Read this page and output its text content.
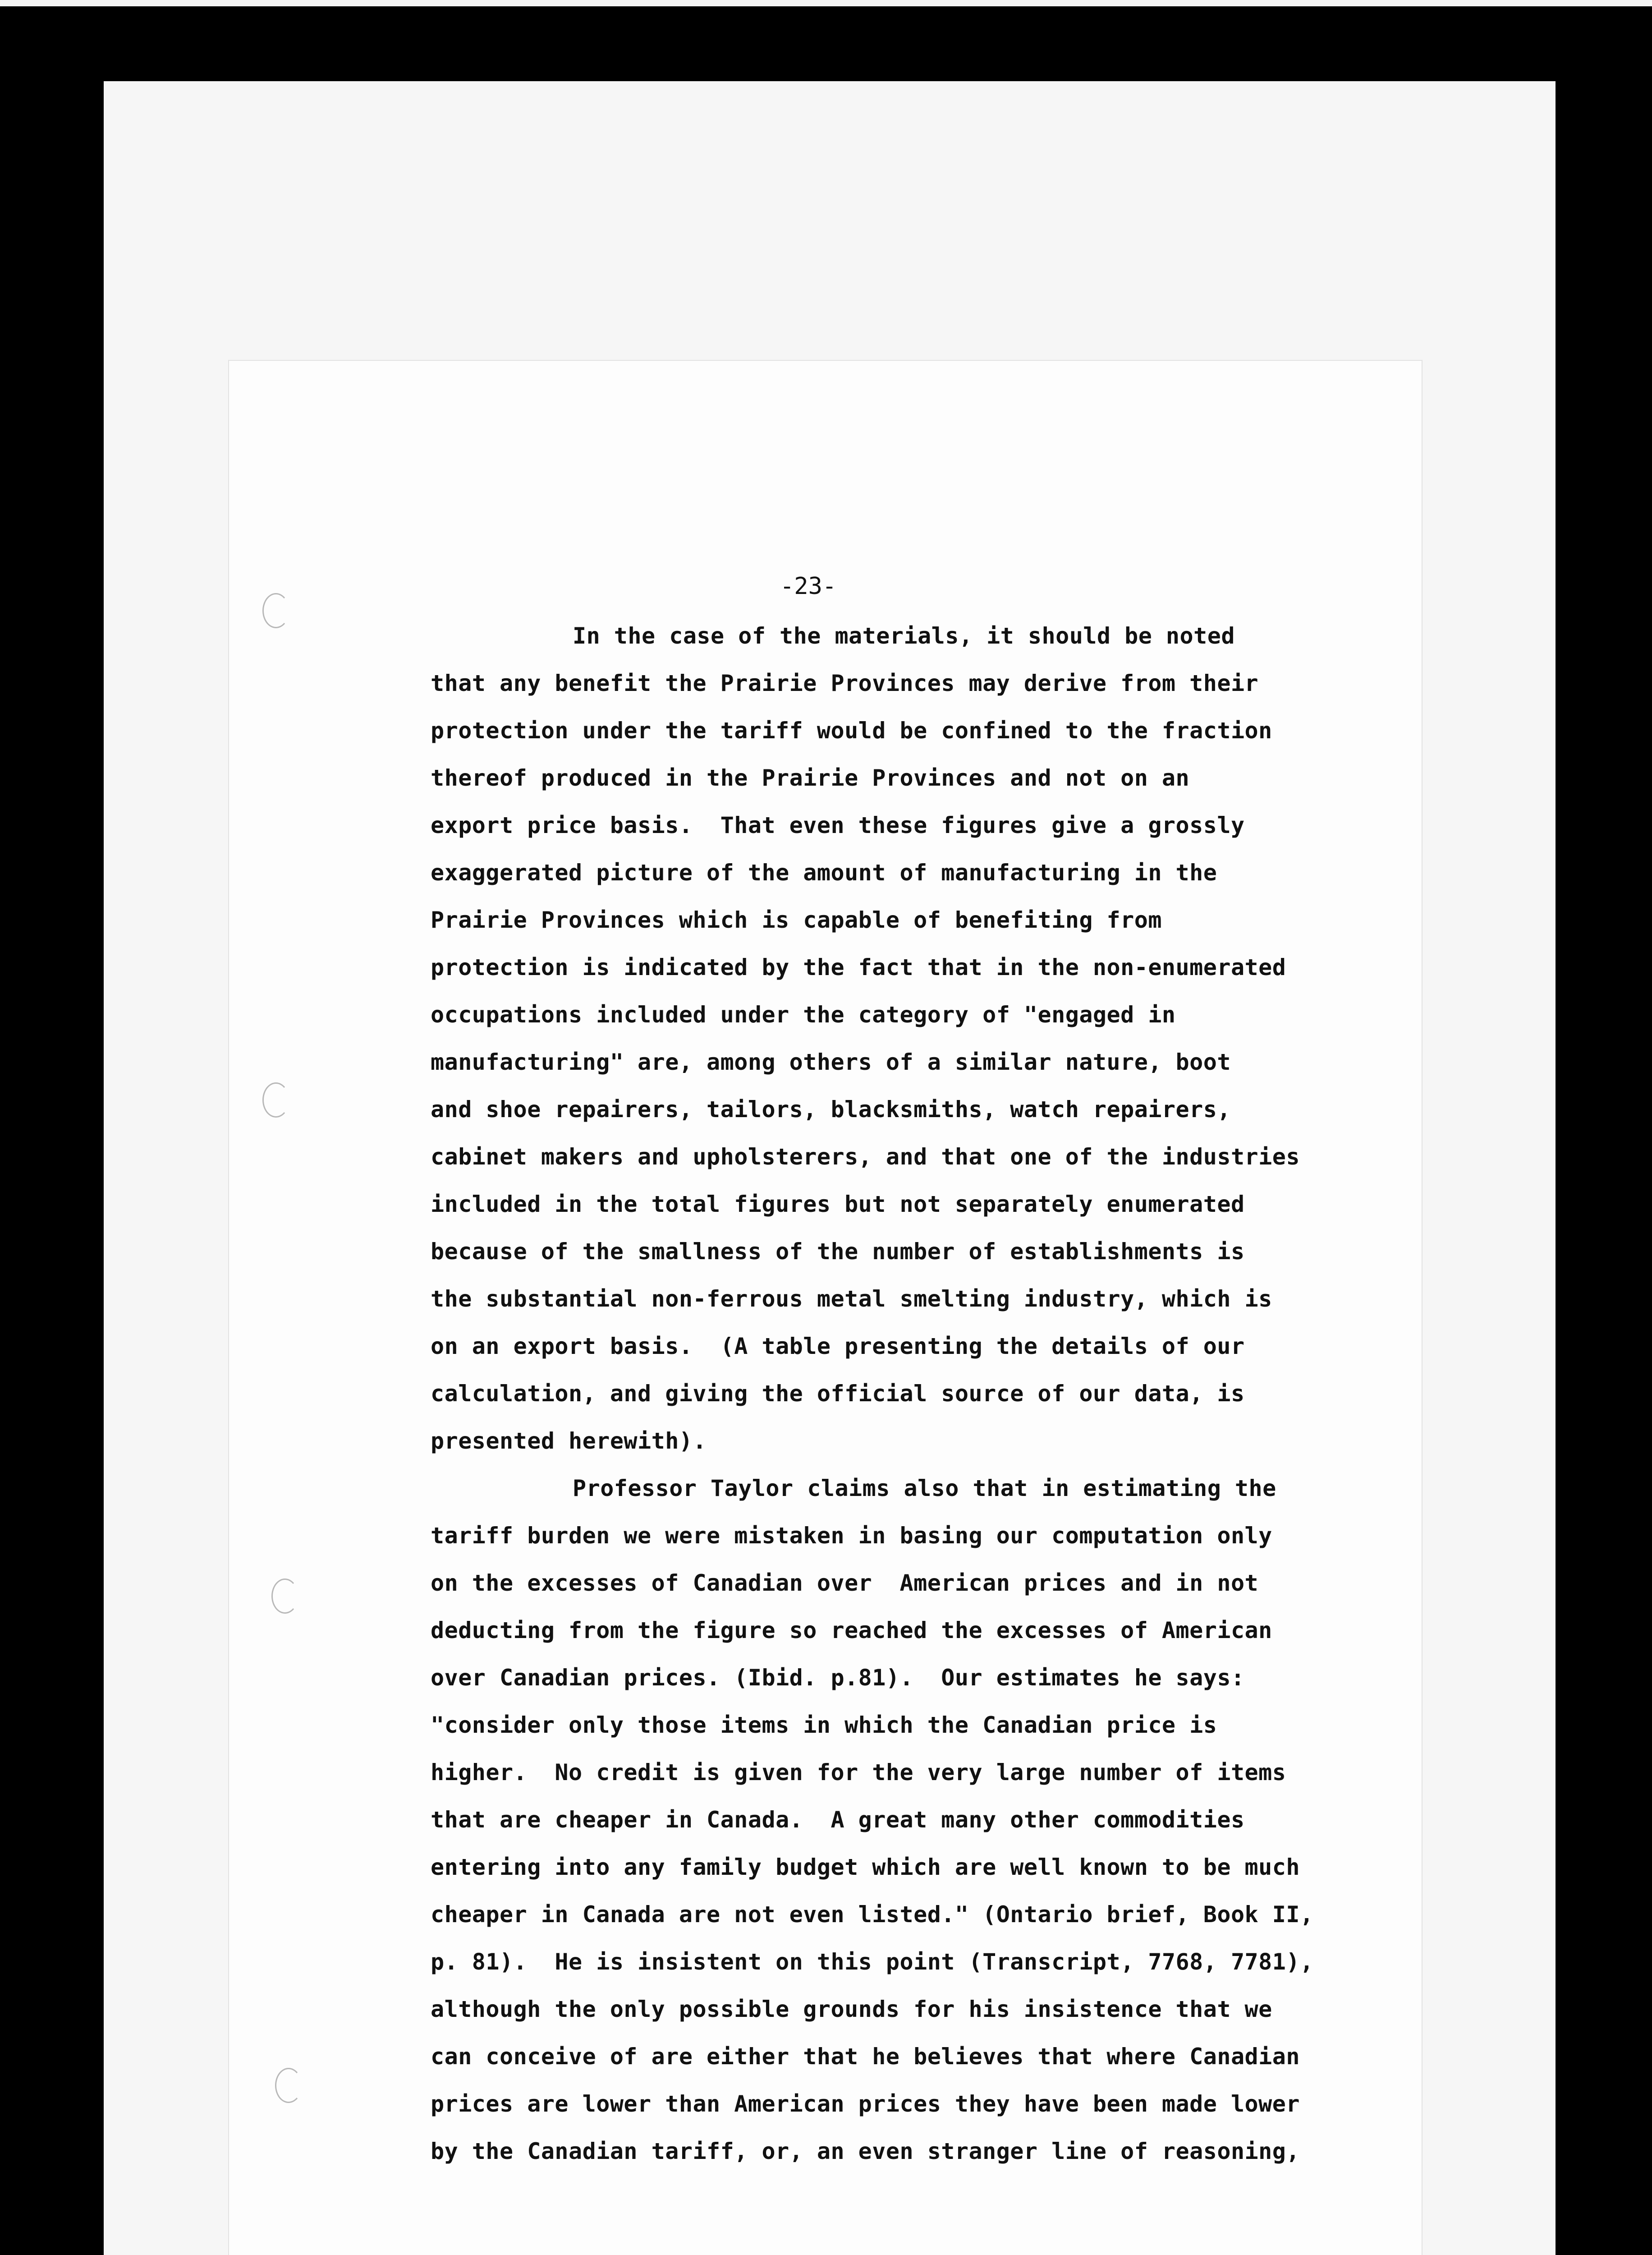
-23-

In the case of the materials, it should be noted

that any benefit the Prairie Provinces may derive from their

protection under the tariff would be confined to the fraction

thereof produced in the Prairie Provinces and not on an

export price basis.  That even these figures give a grossly

exaggerated picture of the amount of manufacturing in the

Prairie Provinces which is capable of benefiting from

protection is indicated by the fact that in the non-enumerated

occupations included under the category of "engaged in

manufacturing" are, among others of a similar nature, boot

and shoe repairers, tailors, blacksmiths, watch repairers,

cabinet makers and upholsterers, and that one of the industries

included in the total figures but not separately enumerated

because of the smallness of the number of establishments is

the substantial non-ferrous metal smelting industry, which is

on an export basis.  (A table presenting the details of our

calculation, and giving the official source of our data, is

presented herewith).

Professor Taylor claims also that in estimating the

tariff burden we were mistaken in basing our computation only

on the excesses of Canadian over  American prices and in not

deducting from the figure so reached the excesses of American

over Canadian prices. (Ibid. p.81).  Our estimates he says:

"consider only those items in which the Canadian price is

higher.  No credit is given for the very large number of items

that are cheaper in Canada.  A great many other commodities

entering into any family budget which are well known to be much

cheaper in Canada are not even listed." (Ontario brief, Book II,

p. 81).  He is insistent on this point (Transcript, 7768, 7781),

although the only possible grounds for his insistence that we

can conceive of are either that he believes that where Canadian

prices are lower than American prices they have been made lower

by the Canadian tariff, or, an even stranger line of reasoning,
